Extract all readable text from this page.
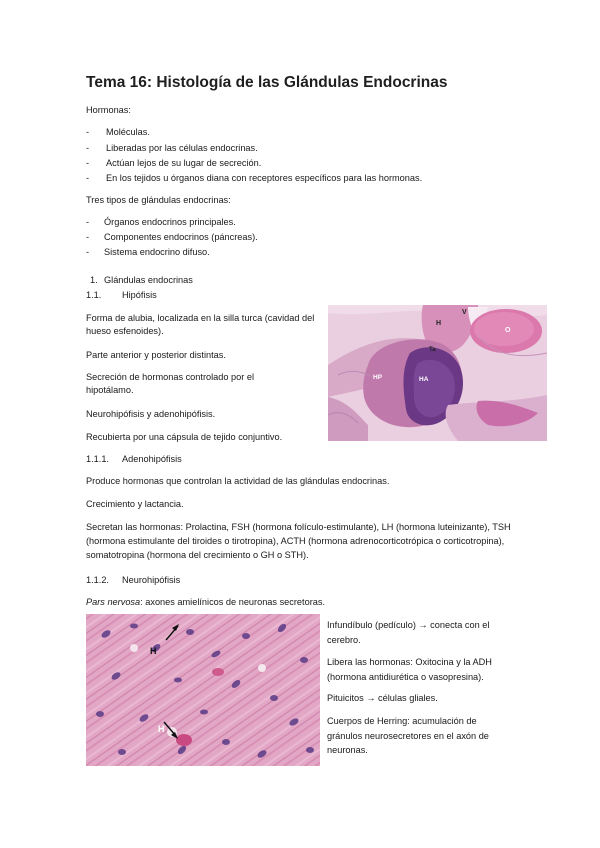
Tema 16: Histología de las Glándulas Endocrinas
Hormonas:
-	Moléculas.
-	Liberadas por las células endocrinas.
-	Actúan lejos de su lugar de secreción.
-	En los tejidos u órganos diana con receptores específicos para las hormonas.
Tres tipos de glándulas endocrinas:
-	Órganos endocrinos principales.
-	Componentes endocrinos (páncreas).
-	Sistema endocrino difuso.
1. Glándulas endocrinas
1.1. Hipófisis
Forma de alubia, localizada en la silla turca (cavidad del hueso esfenoides).
Parte anterior y posterior distintas.
Secreción de hormonas controlado por el hipotálamo.
Neurohipófisis y adenohipófisis.
Recubierta por una cápsula de tejido conjuntivo.
H
V
O
Ta
HP	HA
1.1.1. Adenohipófisis
Produce hormonas que controlan la actividad de las glándulas endocrinas.
Crecimiento y lactancia.
Secretan las hormonas: Prolactina, FSH (hormona folículo-estimulante), LH (hormona luteinizante), TSH (hormona estimulante del tiroides o tirotropina), ACTH (hormona adrenocorticotrópica o corticotropina), somatotropina (hormona del crecimiento o GH o STH).
1.1.2. Neurohipófisis
Pars nervosa: axones amielínicos de neuronas secretoras.
H
H
Infundíbulo (pedículo) → conecta con el cerebro.
Libera las hormonas: Oxitocina y la ADH (hormona antidiurética o vasopresina).
Pituicitos → células gliales.
Cuerpos de Herring: acumulación de gránulos neurosecretores en el axón de neuronas.
